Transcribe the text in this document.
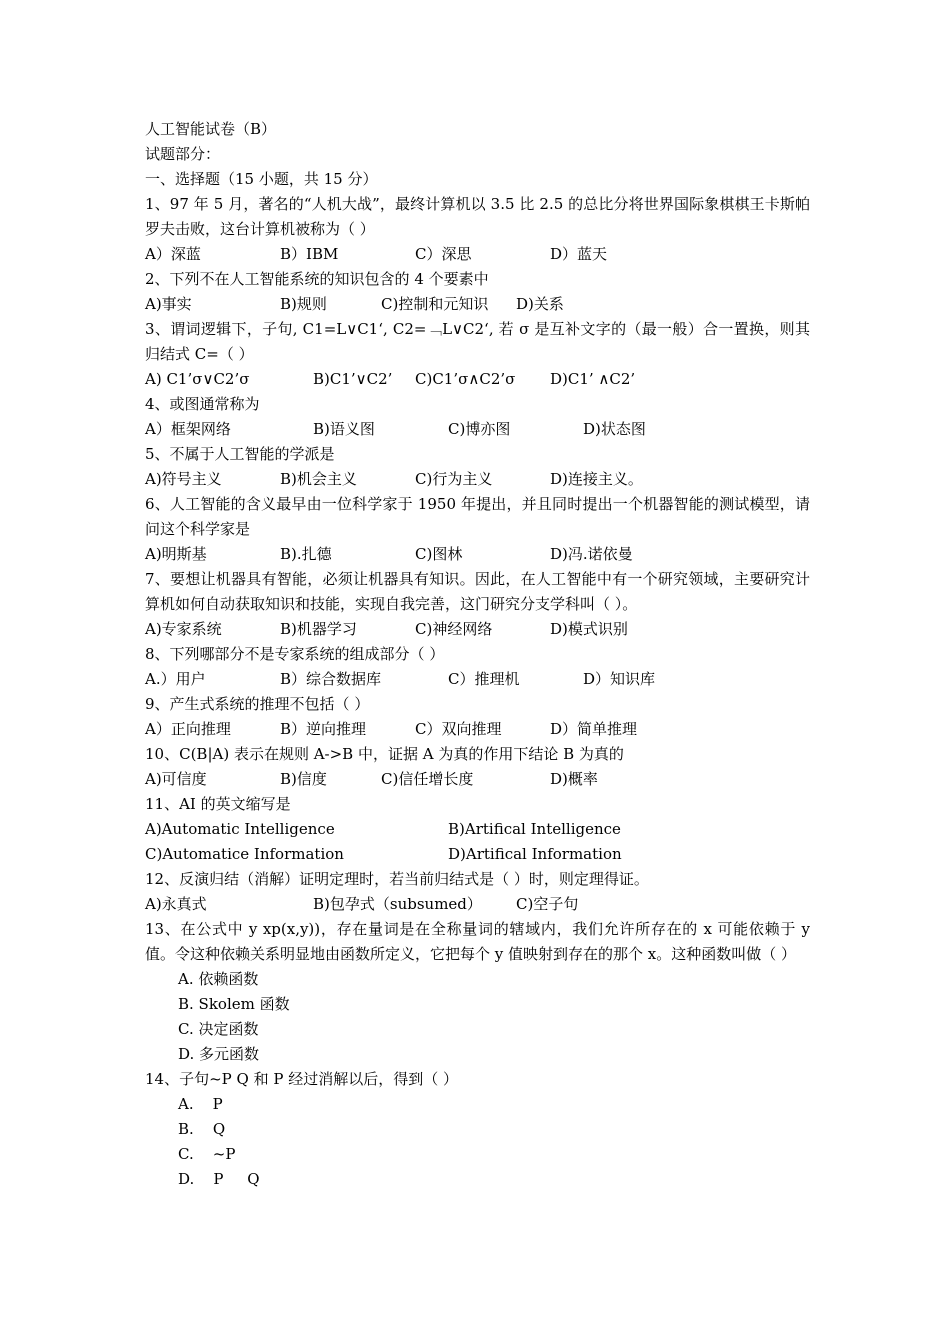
人工智能试卷（B）
试题部分：
一、选择题（15 小题，共 15 分）
1、97 年 5 月，著名的“人机大战”，最终计算机以 3.5 比 2.5 的总比分将世界国际象棋棋王卡斯帕罗夫击败，这台计算机被称为（ ）
A）深蓝	B）IBM	C）深思	D）蓝天
2、下列不在人工智能系统的知识包含的 4 个要素中
A)事实	B)规则	C)控制和元知识 D)关系
3、谓词逻辑下，子句, C1=L∨C1‘, C2=﹁L∨C2‘, 若 σ 是互补文字的（最一般）合一置换，则其归结式 C=（ ）
A) C1’σ∨C2’σ	B)C1’∨C2’ C)C1’σ∧C2’σ D)C1’ ∧C2’
4、或图通常称为
A）框架网络	B)语义图	C)博亦图	D)状态图
5、不属于人工智能的学派是
A)符号主义	B)机会主义	C)行为主义	D)连接主义。
6、人工智能的含义最早由一位科学家于 1950 年提出，并且同时提出一个机器智能的测试模型，请问这个科学家是
A)明斯基	B).扎德	C)图林	D)冯.诺依曼
7、要想让机器具有智能，必须让机器具有知识。因此，在人工智能中有一个研究领域，主要研究计算机如何自动获取知识和技能，实现自我完善，这门研究分支学科叫（ ）。
A)专家系统	B)机器学习	C)神经网络	D)模式识别
8、下列哪部分不是专家系统的组成部分（ ）
A.）用户	B）综合数据库	C）推理机	D）知识库
9、产生式系统的推理不包括（ ）
A）正向推理	B）逆向推理	C）双向推理	D）简单推理
10、C(B|A) 表示在规则 A->B 中，证据 A 为真的作用下结论 B 为真的
A)可信度	B)信度	C)信任增长度	D)概率
11、AI 的英文缩写是
A)Automatic Intelligence	B)Artifical Intelligence
C)Automatice Information	D)Artifical Information
12、反演归结（消解）证明定理时，若当前归结式是（ ）时，则定理得证。
A)永真式	B)包孕式（subsumed） C)空子句
13、在公式中 y xp(x,y))，存在量词是在全称量词的辖域内，我们允许所存在的 x 可能依赖于 y 值。令这种依赖关系明显地由函数所定义，它把每个 y 值映射到存在的那个 x。这种函数叫做（ ）
A. 依赖函数
B. Skolem 函数
C. 决定函数
D. 多元函数
14、子句~P Q 和 P 经过消解以后，得到（ ）
A.    P
B.    Q
C.    ~P
D.    P     Q
